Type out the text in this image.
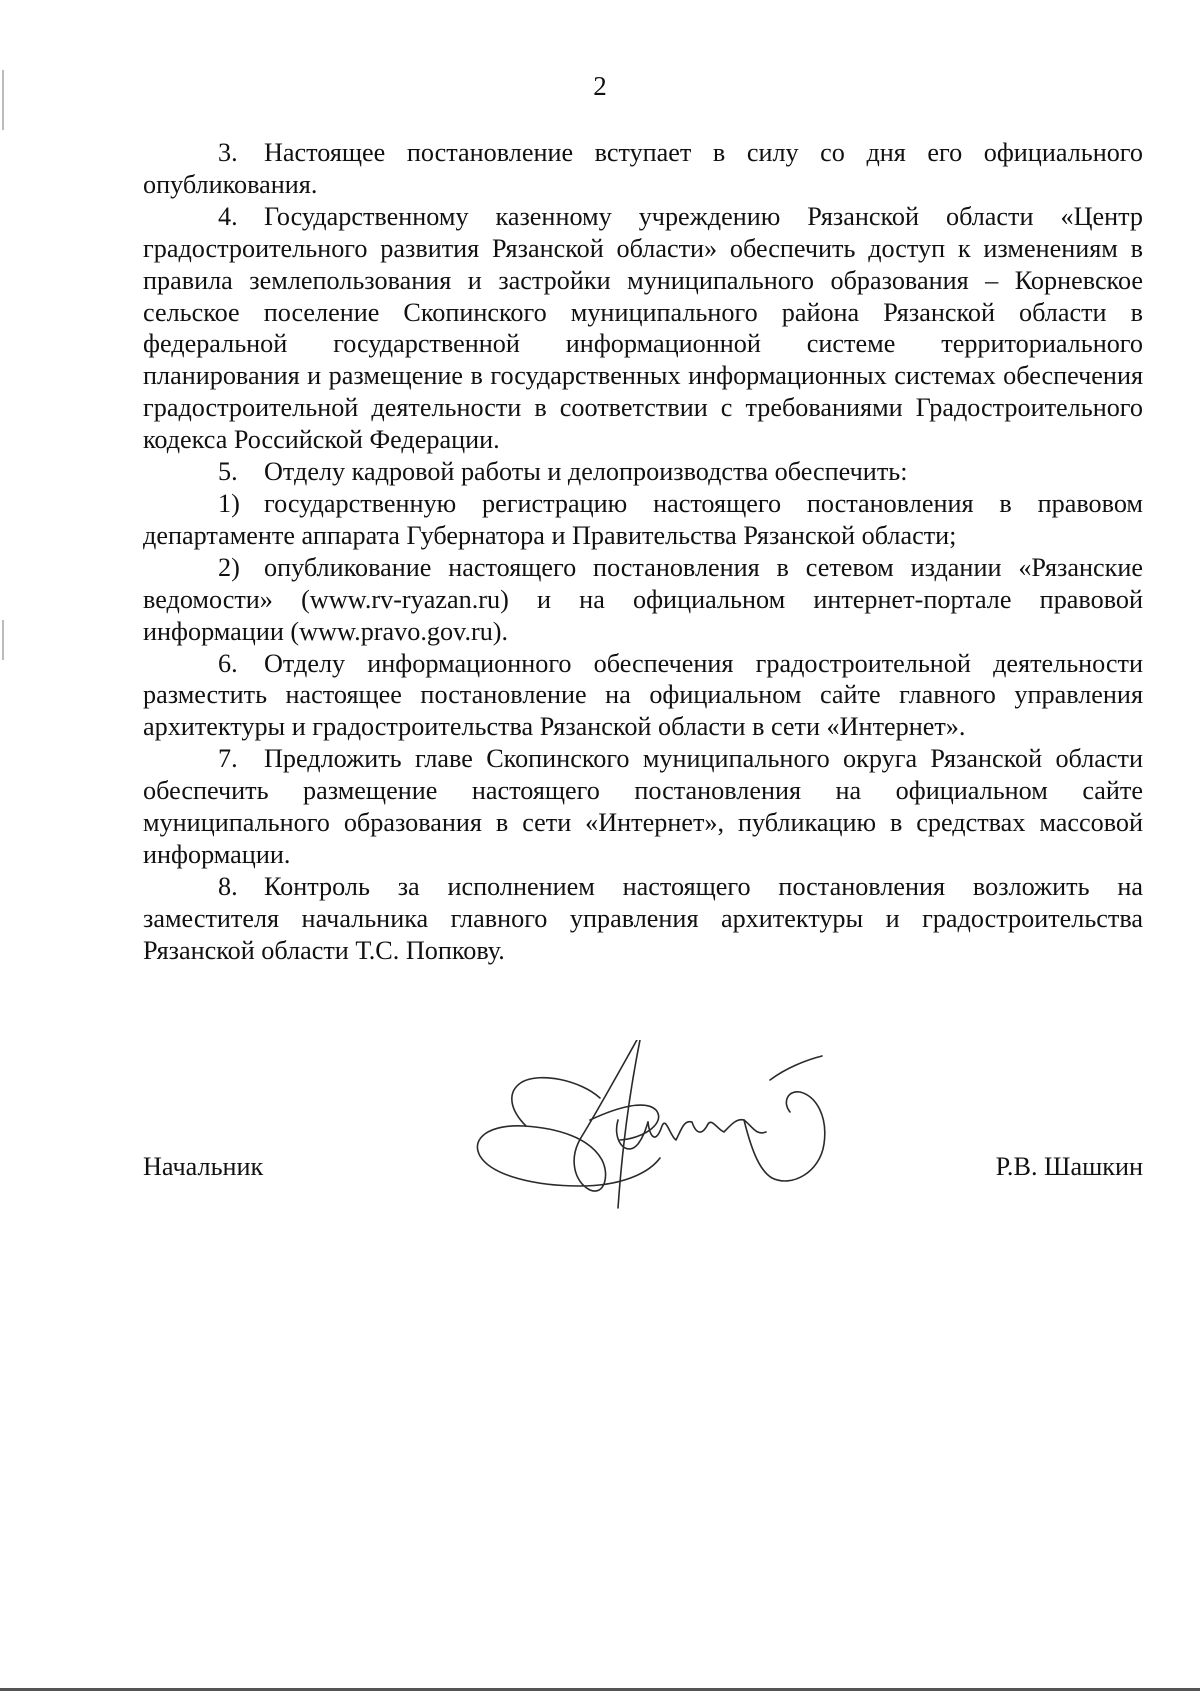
2

3. Настоящее постановление вступает в силу со дня его официального опубликования.

4. Государственному казенному учреждению Рязанской области «Центр градостроительного развития Рязанской области» обеспечить доступ к изменениям в правила землепользования и застройки муниципального образования – Корневское сельское поселение Скопинского муниципального района Рязанской области в федеральной государственной информационной системе территориального планирования и размещение в государственных информационных системах обеспечения градостроительной деятельности в соответствии с требованиями Градостроительного кодекса Российской Федерации.

5. Отделу кадровой работы и делопроизводства обеспечить:

1) государственную регистрацию настоящего постановления в правовом департаменте аппарата Губернатора и Правительства Рязанской области;

2) опубликование настоящего постановления в сетевом издании «Рязанские ведомости» (www.rv-ryazan.ru) и на официальном интернет-портале правовой информации (www.pravo.gov.ru).

6. Отделу информационного обеспечения градостроительной деятельности разместить настоящее постановление на официальном сайте главного управления архитектуры и градостроительства Рязанской области в сети «Интернет».

7. Предложить главе Скопинского муниципального округа Рязанской области обеспечить размещение настоящего постановления на официальном сайте муниципального образования в сети «Интернет», публикацию в средствах массовой информации.

8. Контроль за исполнением настоящего постановления возложить на заместителя начальника главного управления архитектуры и градостроительства Рязанской области Т.С. Попкову.

Начальник	Р.В. Шашкин
